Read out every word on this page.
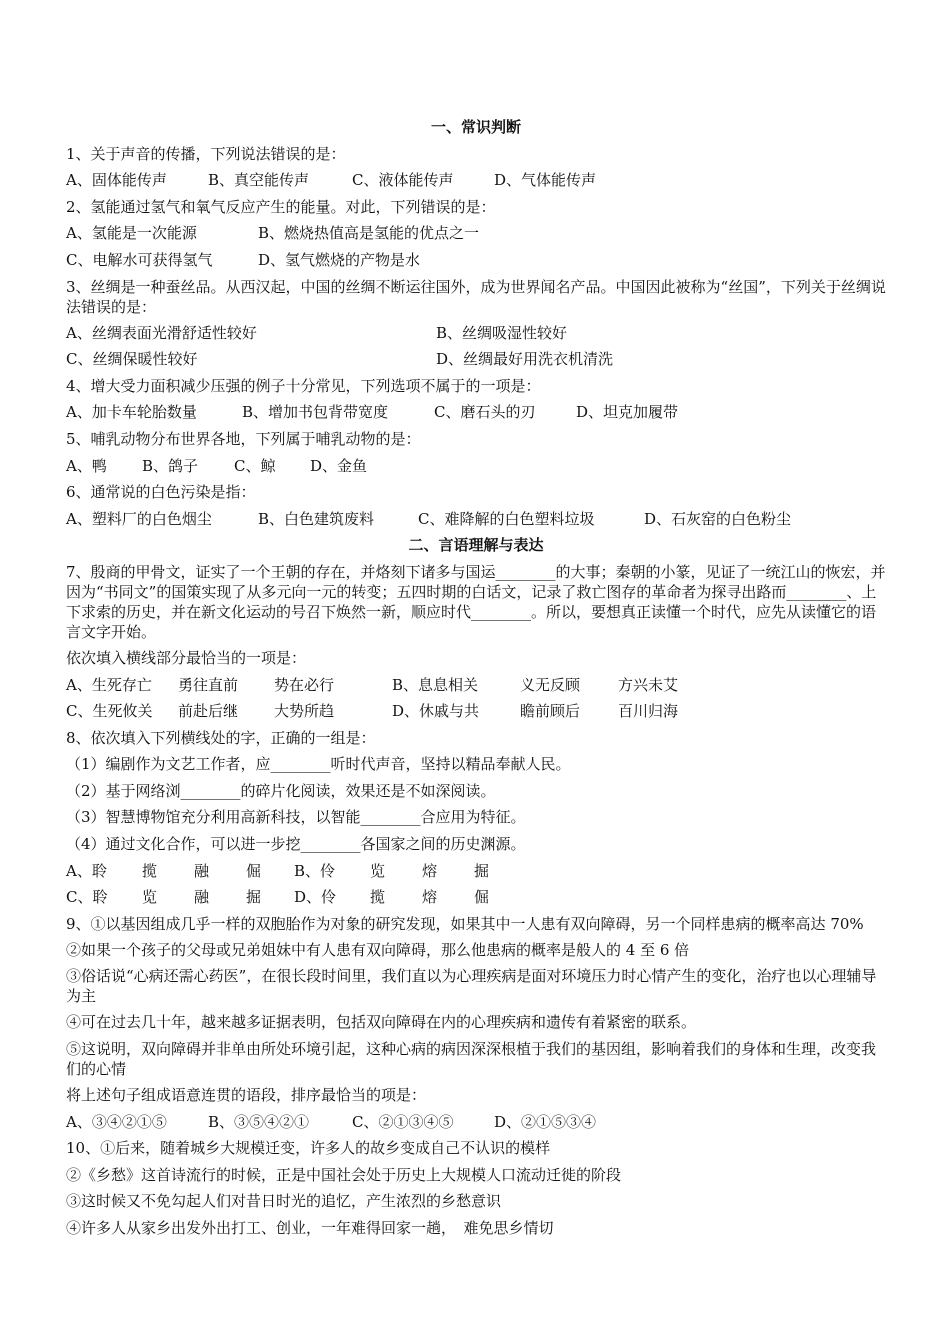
一、常识判断
1、关于声音的传播，下列说法错误的是：
A、固体能传声	B、真空能传声	C、液体能传声	D、气体能传声
2、氢能通过氢气和氧气反应产生的能量。对此，下列错误的是：
A、氢能是一次能源	B、燃烧热值高是氢能的优点之一
C、电解水可获得氢气	D、氢气燃烧的产物是水
3、丝绸是一种蚕丝品。从西汉起，中国的丝绸不断运往国外，成为世界闻名产品。中国因此被称为“丝国”，下列关于丝绸说法错误的是：
A、丝绸表面光滑舒适性较好	B、丝绸吸湿性较好
C、丝绸保暖性较好	D、丝绸最好用洗衣机清洗
4、增大受力面积减少压强的例子十分常见，下列选项不属于的一项是：
A、加卡车轮胎数量	B、增加书包背带宽度	C、磨石头的刃	D、坦克加履带
5、哺乳动物分布世界各地，下列属于哺乳动物的是：
A、鸭 B、鸽子 C、鲸 D、金鱼
6、通常说的白色污染是指：
A、塑料厂的白色烟尘	B、白色建筑废料	C、难降解的白色塑料垃圾	D、石灰窑的白色粉尘
二、言语理解与表达
7、殷商的甲骨文，证实了一个王朝的存在，并烙刻下诸多与国运________的大事；秦朝的小篆，见证了一统江山的恢宏，并因为“书同文”的国策实现了从多元向一元的转变；五四时期的白话文，记录了救亡图存的革命者为探寻出路而________、上下求索的历史，并在新文化运动的号召下焕然一新，顺应时代________。所以，要想真正读懂一个时代，应先从读懂它的语言文字开始。
依次填入横线部分最恰当的一项是：
A、生死存亡 勇往直前 势在必行	B、息息相关	义无反顾	方兴未艾
C、生死攸关 前赴后继 大势所趋	D、休戚与共	瞻前顾后	百川归海
8、依次填入下列横线处的字，正确的一组是：
（1）编剧作为文艺工作者，应________听时代声音，坚持以精品奉献人民。
（2）基于网络浏________的碎片化阅读，效果还是不如深阅读。
（3）智慧博物馆充分利用高新科技，以智能________合应用为特征。
（4）通过文化合作，可以进一步挖________各国家之间的历史渊源。
A、聆 揽 融 倔 B、伶 览 熔 掘
C、聆 览 融 掘 D、伶 揽 熔 倔
9、①以基因组成几乎一样的双胞胎作为对象的研究发现，如果其中一人患有双向障碍，另一个同样患病的概率高达 70%
②如果一个孩子的父母或兄弟姐妹中有人患有双向障碍，那么他患病的概率是般人的 4 至 6 倍
③俗话说“心病还需心药医”，在很长段时间里，我们直以为心理疾病是面对环境压力时心情产生的变化，治疗也以心理辅导为主
④可在过去几十年，越来越多证据表明，包括双向障碍在内的心理疾病和遗传有着紧密的联系。
⑤这说明，双向障碍并非单由所处环境引起，这种心病的病因深深根植于我们的基因组，影响着我们的身体和生理，改变我们的心情
将上述句子组成语意连贯的语段，排序最恰当的项是：
A、③④②①⑤	B、③⑤④②①	C、②①③④⑤	D、②①⑤③④
10、①后来，随着城乡大规模迁变，许多人的故乡变成自己不认识的模样
②《乡愁》这首诗流行的时候，正是中国社会处于历史上大规模人口流动迁徙的阶段
③这时候又不免勾起人们对昔日时光的追忆，产生浓烈的乡愁意识
④许多人从家乡出发外出打工、创业，一年难得回家一趟，　难免思乡情切
